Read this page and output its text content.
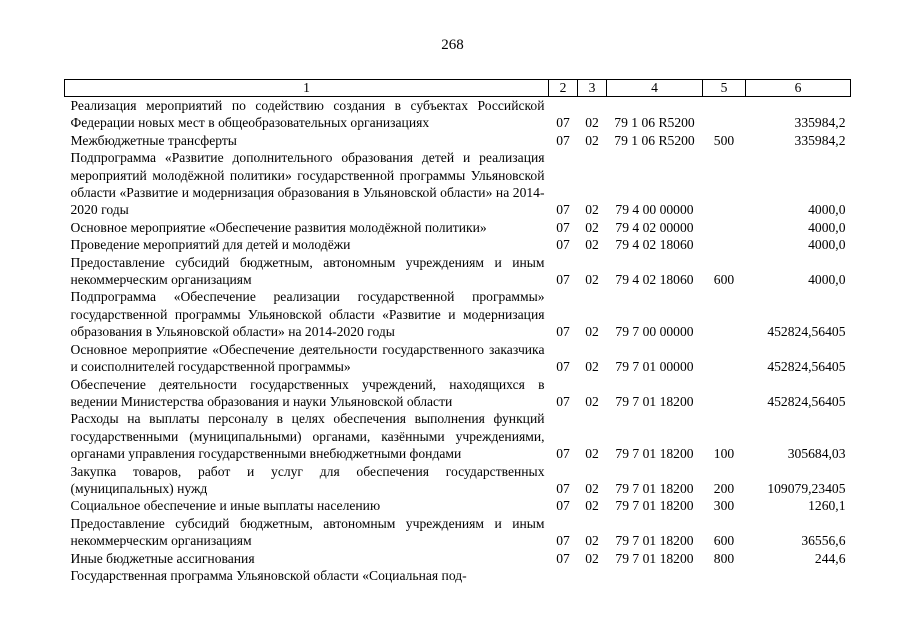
268
1	2	3	4	5	6
Реализация мероприятий по содействию создания в субъектах Российской Федерации новых мест в общеобразовательных организациях	07	02	79 1 06 R5200		335984,2
Межбюджетные трансферты	07	02	79 1 06 R5200	500	335984,2
Подпрограмма «Развитие дополнительного образования детей и реализация мероприятий молодёжной политики» государственной программы Ульяновской области «Развитие и модернизация образования в Ульяновской области» на 2014-2020 годы	07	02	79 4 00 00000		4000,0
Основное мероприятие «Обеспечение развития молодёжной политики»	07	02	79 4 02 00000		4000,0
Проведение мероприятий для детей и молодёжи	07	02	79 4 02 18060		4000,0
Предоставление субсидий бюджетным, автономным учреждениям и иным некоммерческим организациям	07	02	79 4 02 18060	600	4000,0
Подпрограмма «Обеспечение реализации государственной программы» государственной программы Ульяновской области «Развитие и модернизация образования в Ульяновской области» на 2014-2020 годы	07	02	79 7 00 00000		452824,56405
Основное мероприятие «Обеспечение деятельности государственного заказчика и соисполнителей государственной программы»	07	02	79 7 01 00000		452824,56405
Обеспечение деятельности государственных учреждений, находящихся в ведении Министерства образования и науки Ульяновской области	07	02	79 7 01 18200		452824,56405
Расходы на выплаты персоналу в целях обеспечения выполнения функций государственными (муниципальными) органами, казёнными учреждениями, органами управления государственными внебюджетными фондами	07	02	79 7 01 18200	100	305684,03
Закупка товаров, работ и услуг для обеспечения государственных (муниципальных) нужд	07	02	79 7 01 18200	200	109079,23405
Социальное обеспечение и иные выплаты населению	07	02	79 7 01 18200	300	1260,1
Предоставление субсидий бюджетным, автономным учреждениям и иным некоммерческим организациям	07	02	79 7 01 18200	600	36556,6
Иные бюджетные ассигнования	07	02	79 7 01 18200	800	244,6
Государственная программа Ульяновской области «Социальная под-					
